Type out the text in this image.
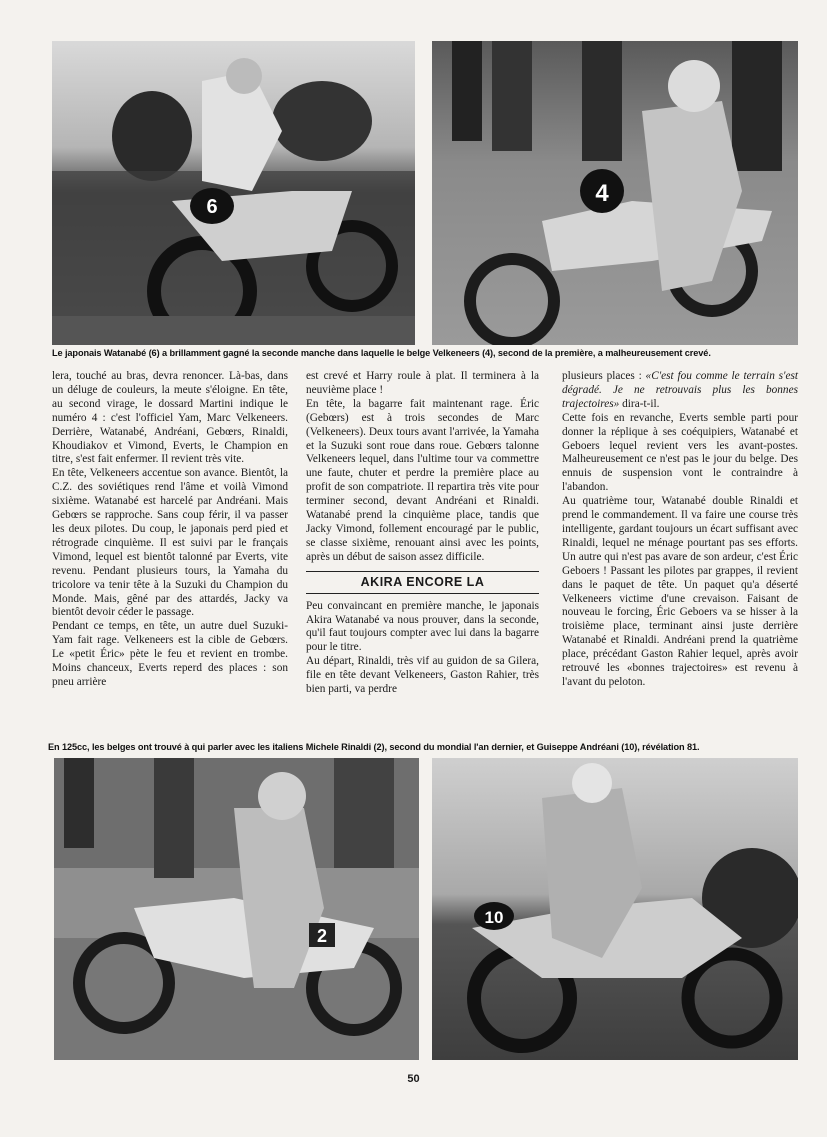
6	4
2
10
Le japonais Watanabé (6) a brillamment gagné la seconde manche dans laquelle le belge Velkeneers (4), second de la première, a malheureusement crevé.
En 125cc, les belges ont trouvé à qui parler avec les italiens Michele Rinaldi (2), second du mondial l'an dernier, et Guiseppe Andréani (10), révélation 81.

lera, touché au bras, devra renoncer. Là-bas, dans un déluge de couleurs, la meute s'éloigne. En tête, au second virage, le dossard Martini indique le numéro 4 : c'est l'officiel Yam, Marc Velkeneers. Derrière, Watanabé, Andréani, Gebœrs, Rinaldi, Khoudiakov et Vimond, Everts, le Champion en titre, s'est fait enfermer. Il revient très vite.

En tête, Velkeneers accentue son avance. Bientôt, la C.Z. des soviétiques rend l'âme et voilà Vimond sixième. Watanabé est harcelé par Andréani. Mais Gebœrs se rapproche. Sans coup férir, il va passer les deux pilotes. Du coup, le japonais perd pied et rétrograde cinquième. Il est suivi par le français Vimond, lequel est bientôt talonné par Everts, vite revenu. Pendant plusieurs tours, la Yamaha du tricolore va tenir tête à la Suzuki du Champion du Monde. Mais, gêné par des attardés, Jacky va bientôt devoir céder le passage.

Pendant ce temps, en tête, un autre duel Suzuki-Yam fait rage. Velkeneers est la cible de Gebœrs. Le «petit Éric» pète le feu et revient en trombe. Moins chanceux, Everts reperd des places : son pneu arrière

est crevé et Harry roule à plat. Il terminera à la neuvième place !

En tête, la bagarre fait maintenant rage. Éric (Gebœrs) est à trois secondes de Marc (Velkeneers). Deux tours avant l'arrivée, la Yamaha et la Suzuki sont roue dans roue. Gebœrs talonne Velkeneers lequel, dans l'ultime tour va commettre une faute, chuter et perdre la première place au profit de son compatriote. Il repartira très vite pour terminer second, devant Andréani et Rinaldi. Watanabé prend la cinquième place, tandis que Jacky Vimond, follement encouragé par le public, se classe sixième, renouant ainsi avec les points, après un début de saison assez difficile.

AKIRA ENCORE LA

Peu convaincant en première manche, le japonais Akira Watanabé va nous prouver, dans la seconde, qu'il faut toujours compter avec lui dans la bagarre pour le titre.

Au départ, Rinaldi, très vif au guidon de sa Gilera, file en tête devant Velkeneers, Gaston Rahier, très bien parti, va perdre

plusieurs places : «C'est fou comme le terrain s'est dégradé. Je ne retrouvais plus les bonnes trajectoires» dira-t-il.

Cette fois en revanche, Everts semble parti pour donner la réplique à ses coéquipiers, Watanabé et Geboers lequel revient vers les avant-postes. Malheureusement ce n'est pas le jour du belge. Des ennuis de suspension vont le contraindre à l'abandon.

Au quatrième tour, Watanabé double Rinaldi et prend le commandement. Il va faire une course très intelligente, gardant toujours un écart suffisant avec Rinaldi, lequel ne ménage pourtant pas ses efforts. Un autre qui n'est pas avare de son ardeur, c'est Éric Geboers ! Passant les pilotes par grappes, il revient dans le paquet de tête. Un paquet qu'a déserté Velkeneers victime d'une crevaison. Faisant de nouveau le forcing, Éric Geboers va se hisser à la troisième place, terminant ainsi juste derrière Watanabé et Rinaldi. Andréani prend la quatrième place, précédant Gaston Rahier lequel, après avoir retrouvé les «bonnes trajectoires» est revenu à l'avant du peloton.

50
